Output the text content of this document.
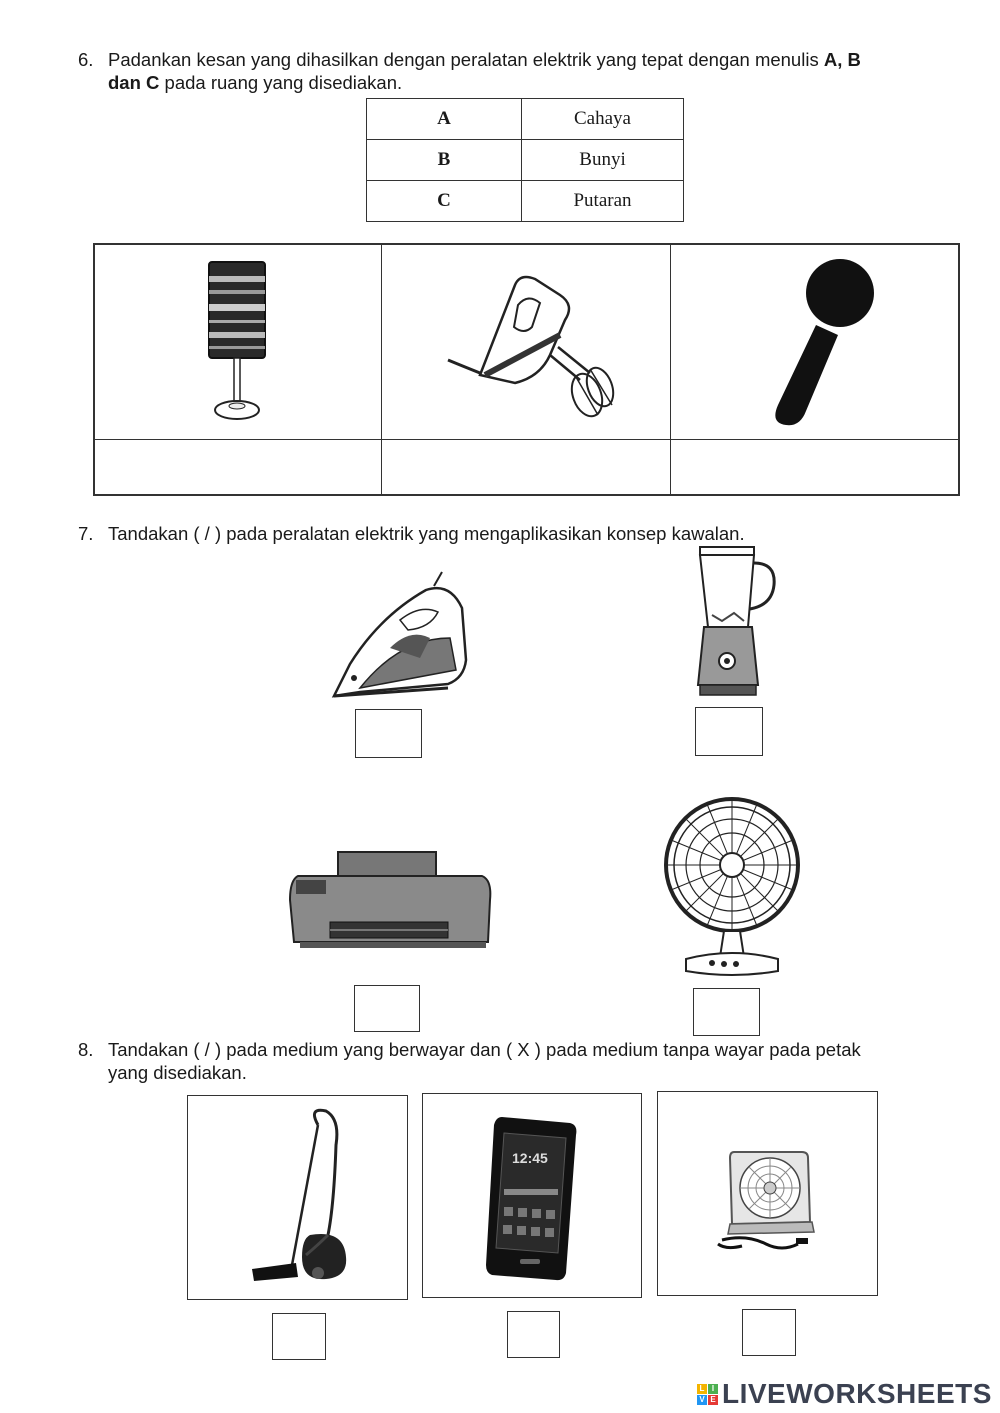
6. Padankan kesan yang dihasilkan dengan peralatan elektrik yang tepat dengan menulis A, B
dan C pada ruang yang disediakan.
A	Cahaya
B	Bunyi
C	Putaran
7. Tandakan ( / ) pada peralatan elektrik yang mengaplikasikan konsep kawalan.
8. Tandakan ( / ) pada medium yang berwayar dan ( X ) pada medium tanpa wayar pada petak
yang disediakan.
12:45
L I
V E LIVEWORKSHEETS
